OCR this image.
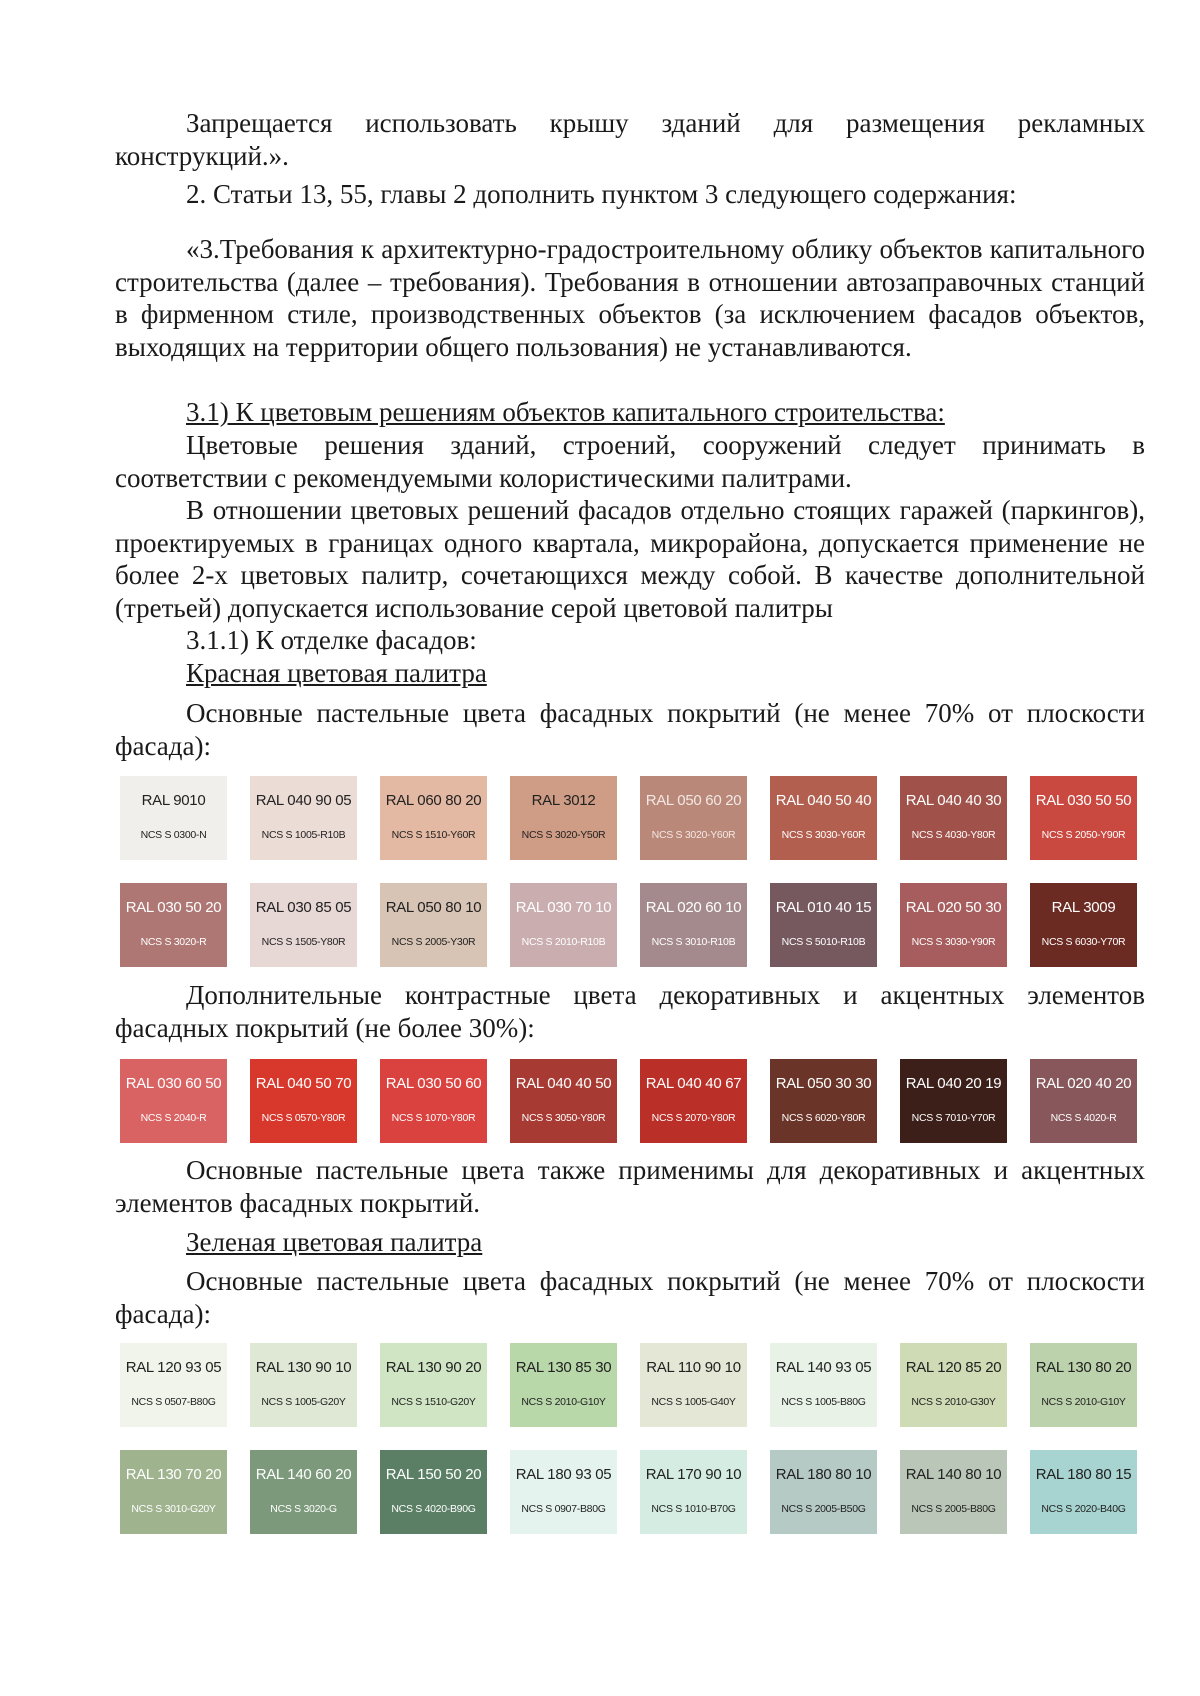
Запрещается использовать крышу зданий для размещения рекламных конструкций.».

2. Статьи 13, 55, главы 2 дополнить пунктом 3 следующего содержания:

«3.Требования к архитектурно-градостроительному облику объектов капитального строительства (далее – требования). Требования в отношении автозаправочных станций в фирменном стиле, производственных объектов (за исключением фасадов объектов, выходящих на территории общего пользования) не устанавливаются.

3.1) К цветовым решениям объектов капитального строительства:

Цветовые решения зданий, строений, сооружений следует принимать в соответствии с рекомендуемыми колористическими палитрами.

В отношении цветовых решений фасадов отдельно стоящих гаражей (паркингов), проектируемых в границах одного квартала, микрорайона, допускается применение не более 2-х цветовых палитр, сочетающихся между собой. В качестве дополнительной (третьей) допускается использование серой цветовой палитры

3.1.1) К отделке фасадов:

Красная цветовая палитра

Основные пастельные цвета фасадных покрытий (не менее 70% от плоскости фасада):

RAL 9010
NCS S 0300-N
RAL 040 90 05
NCS S 1005-R10B
RAL 060 80 20
NCS S 1510-Y60R
RAL 3012
NCS S 3020-Y50R
RAL 050 60 20
NCS S 3020-Y60R
RAL 040 50 40
NCS S 3030-Y60R
RAL 040 40 30
NCS S 4030-Y80R
RAL 030 50 50
NCS S 2050-Y90R
RAL 030 50 20
NCS S 3020-R
RAL 030 85 05
NCS S 1505-Y80R
RAL 050 80 10
NCS S 2005-Y30R
RAL 030 70 10
NCS S 2010-R10B
RAL 020 60 10
NCS S 3010-R10B
RAL 010 40 15
NCS S 5010-R10B
RAL 020 50 30
NCS S 3030-Y90R
RAL 3009
NCS S 6030-Y70R

Дополнительные контрастные цвета декоративных и акцентных элементов фасадных покрытий (не более 30%):

RAL 030 60 50
NCS S 2040-R
RAL 040 50 70
NCS S 0570-Y80R
RAL 030 50 60
NCS S 1070-Y80R
RAL 040 40 50
NCS S 3050-Y80R
RAL 040 40 67
NCS S 2070-Y80R
RAL 050 30 30
NCS S 6020-Y80R
RAL 040 20 19
NCS S 7010-Y70R
RAL 020 40 20
NCS S 4020-R

Основные пастельные цвета также применимы для декоративных и акцентных элементов фасадных покрытий.

Зеленая цветовая палитра

Основные пастельные цвета фасадных покрытий (не менее 70% от плоскости фасада):

RAL 120 93 05
NCS S 0507-B80G
RAL 130 90 10
NCS S 1005-G20Y
RAL 130 90 20
NCS S 1510-G20Y
RAL 130 85 30
NCS S 2010-G10Y
RAL 110 90 10
NCS S 1005-G40Y
RAL 140 93 05
NCS S 1005-B80G
RAL 120 85 20
NCS S 2010-G30Y
RAL 130 80 20
NCS S 2010-G10Y
RAL 130 70 20
NCS S 3010-G20Y
RAL 140 60 20
NCS S 3020-G
RAL 150 50 20
NCS S 4020-B90G
RAL 180 93 05
NCS S 0907-B80G
RAL 170 90 10
NCS S 1010-B70G
RAL 180 80 10
NCS S 2005-B50G
RAL 140 80 10
NCS S 2005-B80G
RAL 180 80 15
NCS S 2020-B40G
